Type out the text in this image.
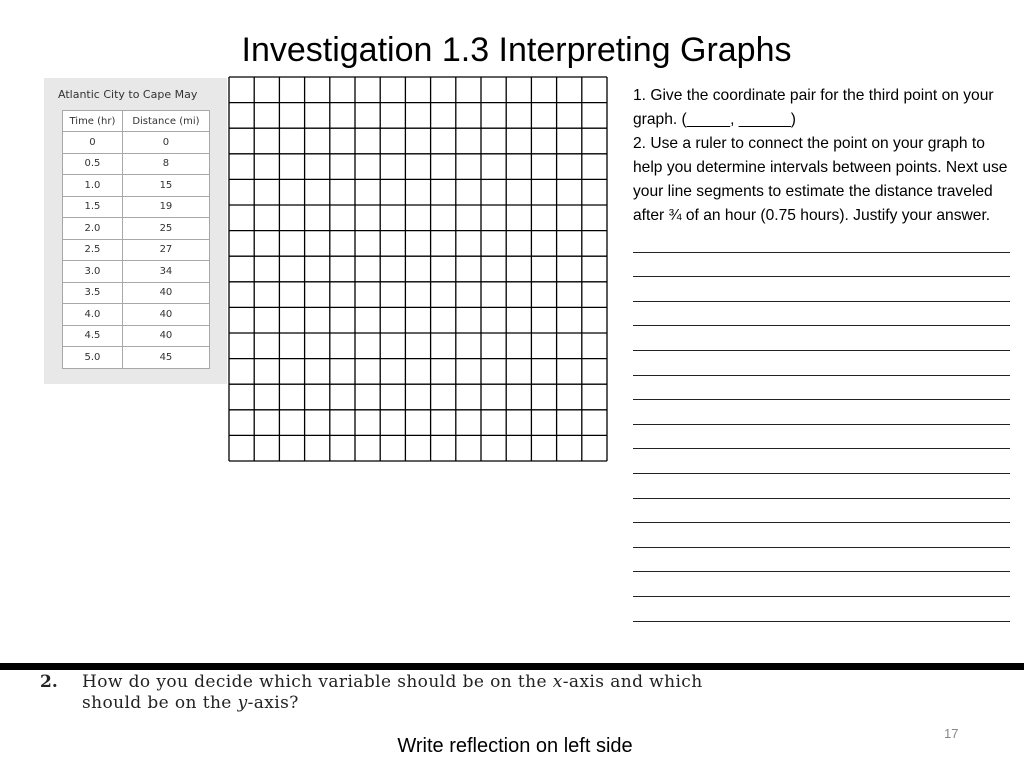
Investigation 1.3 Interpreting Graphs
Atlantic City to Cape May
Time (hr)	Distance (mi)
0	0
0.5	8
1.0	15
1.5	19
2.0	25
2.5	27
3.0	34
3.5	40
4.0	40
4.5	40
5.0	45

1. Give the coordinate pair for the third point on your graph. (_____, ______)

2. Use a ruler to connect the point on your graph to help you determine intervals between points. Next use your line segments to estimate the distance traveled after ¾ of an hour (0.75 hours). Justify your answer.

2. How do you decide which variable should be on the x-axis and which
should be on the y-axis?
17
Write reflection on left side
